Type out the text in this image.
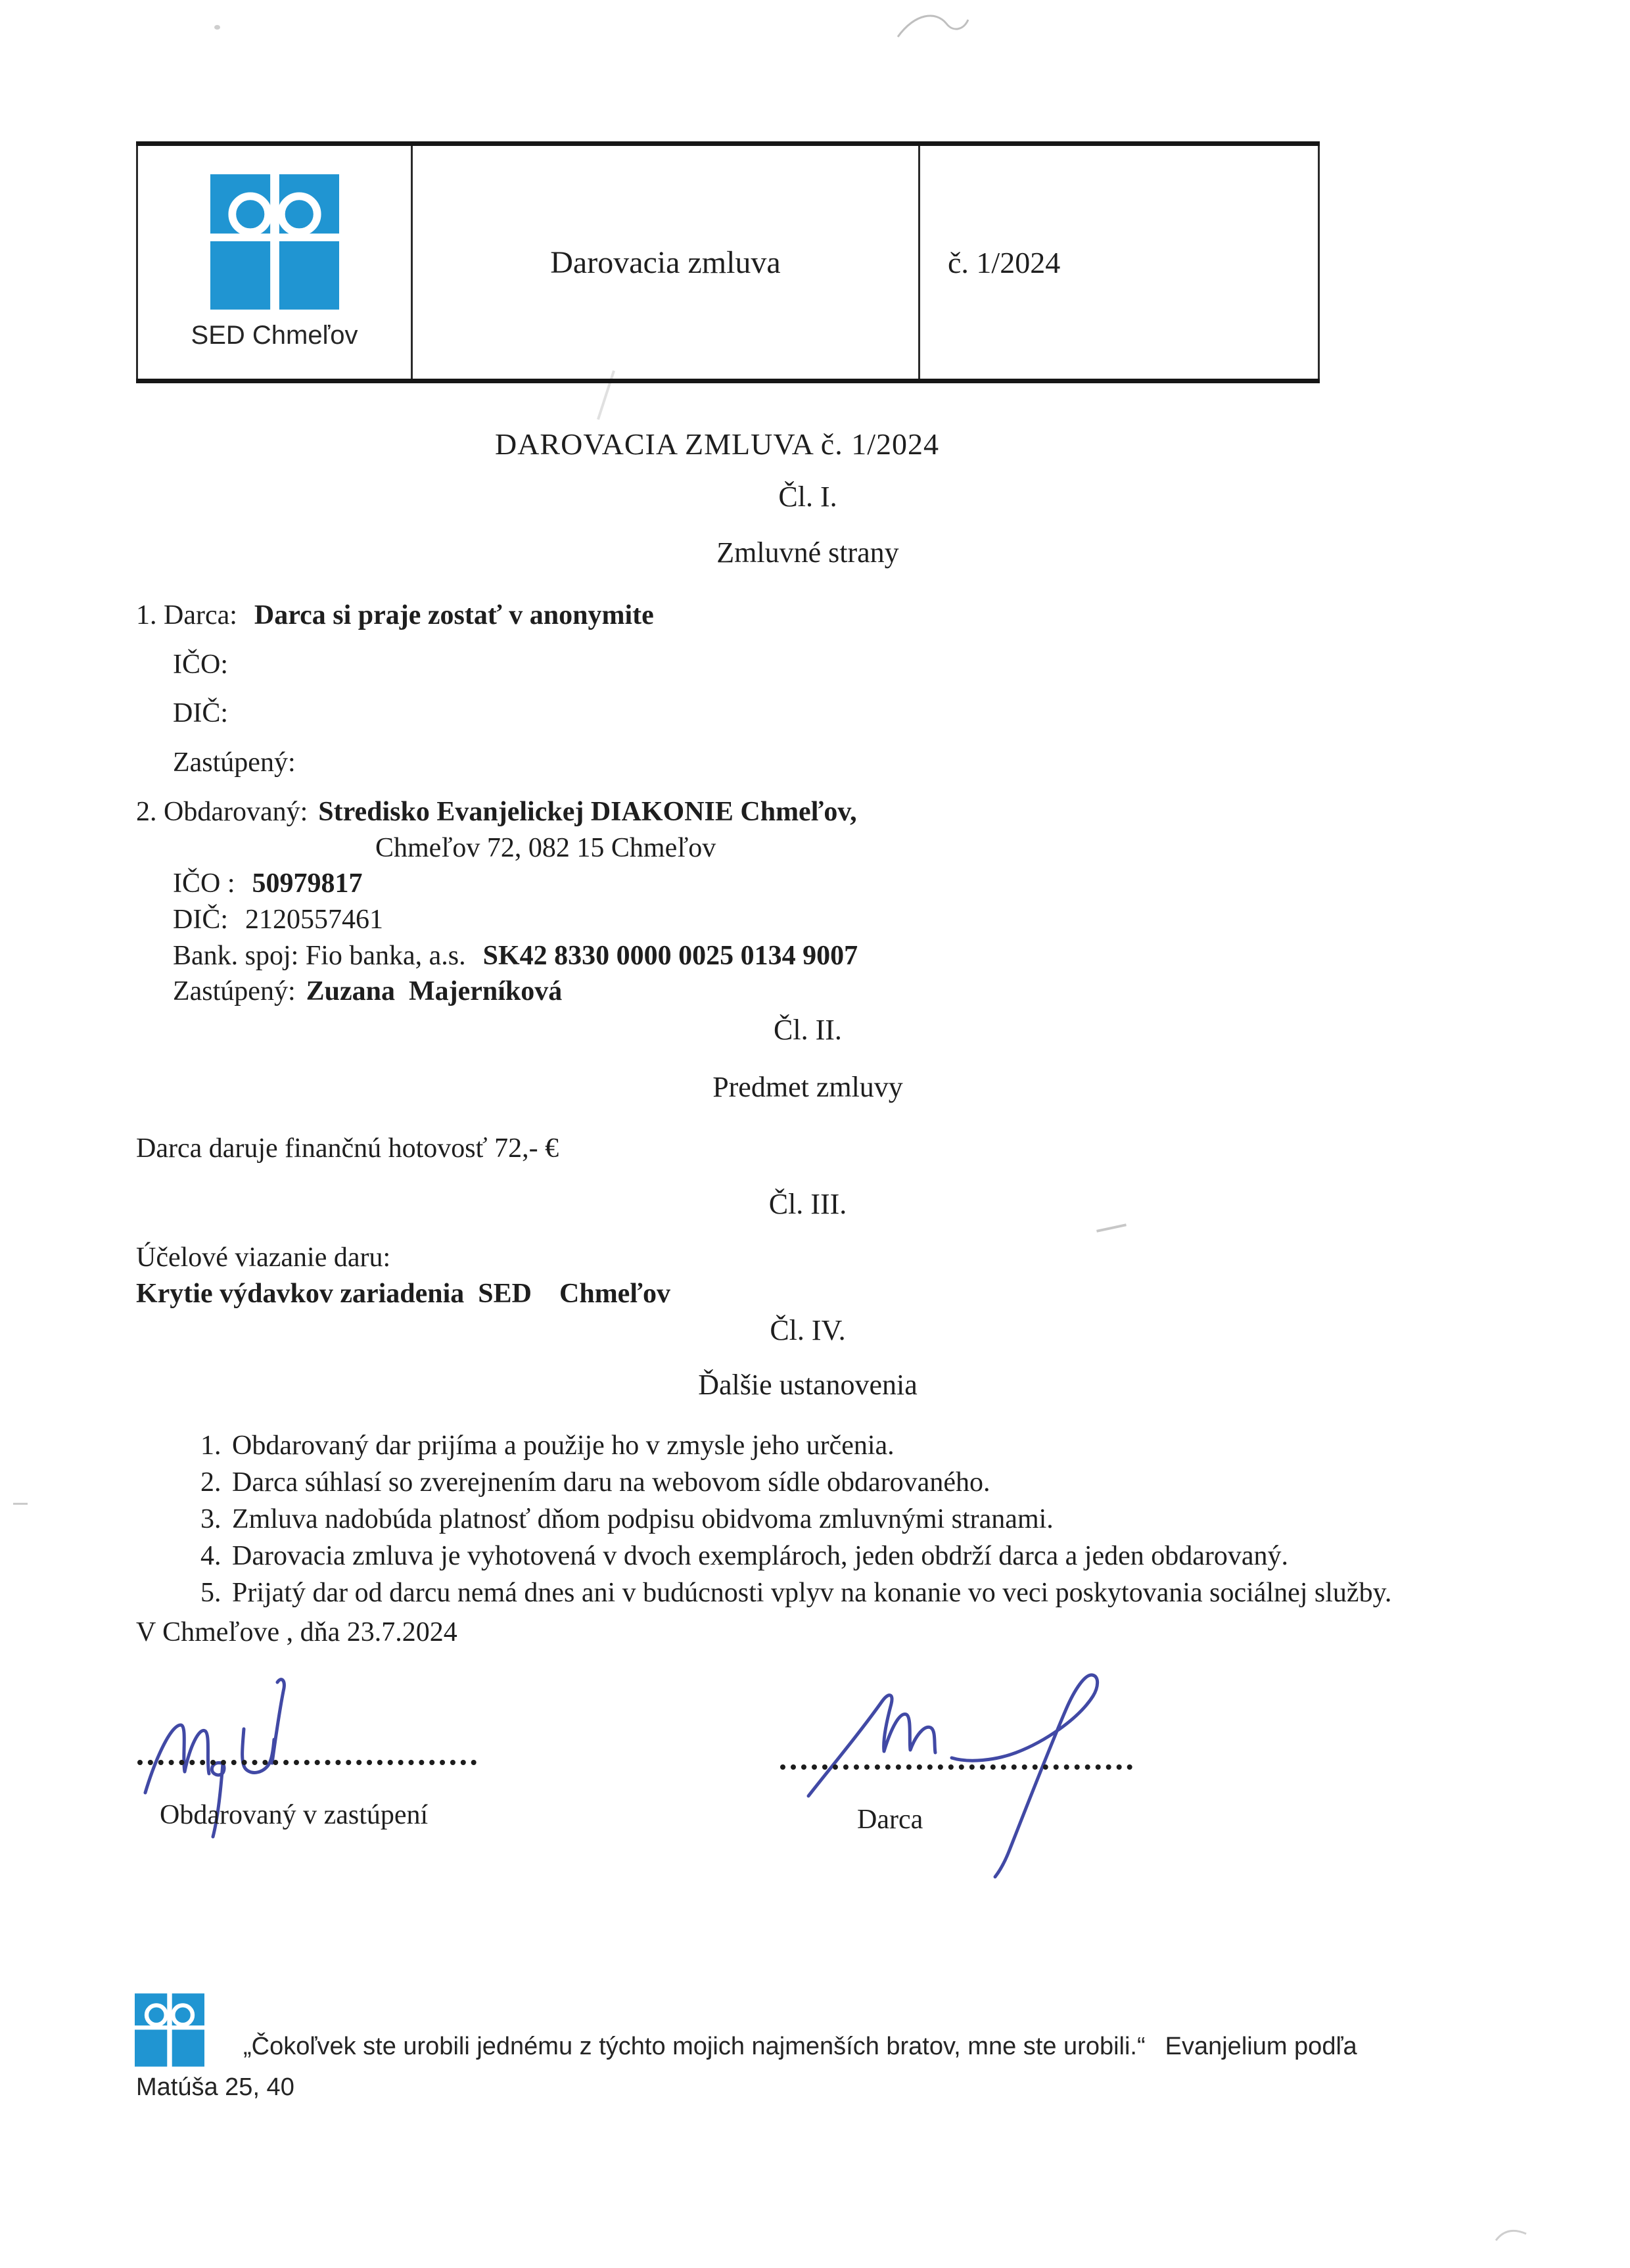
SED Chmeľov
	Darovacia zmluva	č. 1/2024
DAROVACIA ZMLUVA č. 1/2024
Čl. I.
Zmluvné strany
1. Darca: Darca si praje zostať v anonymite
IČO:
DIČ:
Zastúpený:
2. Obdarovaný: Stredisko Evanjelickej DIAKONIE Chmeľov,
Chmeľov 72, 082 15 Chmeľov
IČO : 50979817
DIČ: 2120557461
Bank. spoj: Fio banka, a.s. SK42 8330 0000 0025 0134 9007
Zastúpený: Zuzana  Majerníková
Čl. II.
Predmet zmluvy
Darca daruje finančnú hotovosť 72,- €
Čl. III.
Účelové viazanie daru:
Krytie výdavkov zariadenia  SED    Chmeľov
Čl. IV.
Ďalšie ustanovenia
1. Obdarovaný dar prijíma a použije ho v zmysle jeho určenia.
2. Darca súhlasí so zverejnením daru na webovom sídle obdarovaného.
3. Zmluva nadobúda platnosť dňom podpisu obidvoma zmluvnými stranami.
4. Darovacia zmluva je vyhotovená v dvoch exemplároch, jeden obdrží darca a jeden obdarovaný.
5. Prijatý dar od darcu nemá dnes ani v budúcnosti vplyv na konanie vo veci poskytovania sociálnej služby.
V Chmeľove , dňa 23.7.2024
Obdarovaný v zastúpení	Darca
„Čokoľvek ste urobili jednému z týchto mojich najmenších bratov, mne ste urobili.“ Evanjelium podľa
Matúša 25, 40
